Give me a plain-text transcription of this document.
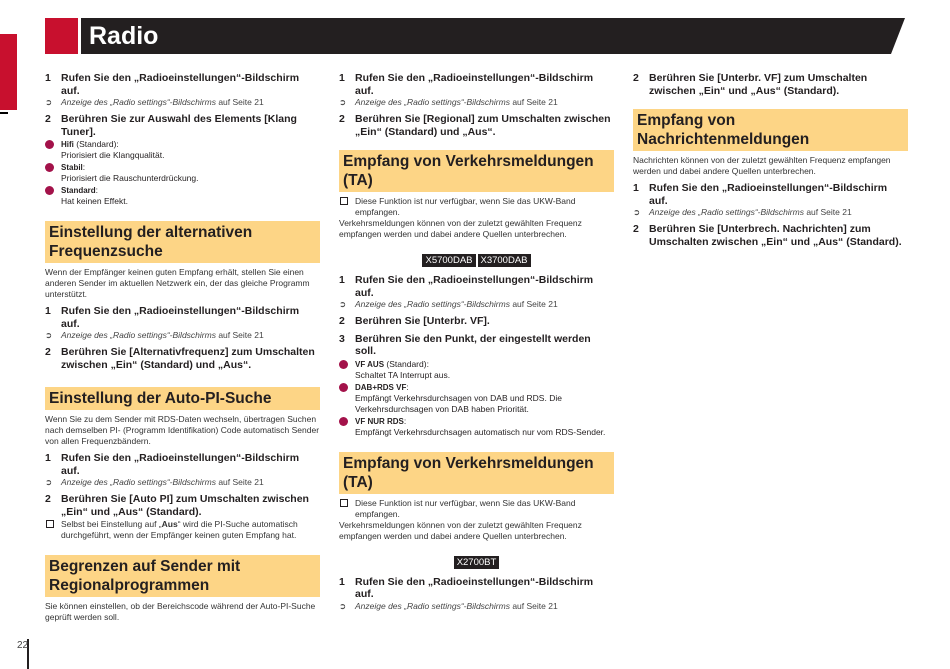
Radio
1 Rufen Sie den „Radioeinstellungen“-Bildschirm auf.
➲ Anzeige des „Radio settings“-Bildschirms auf Seite 21
2 Berühren Sie zur Auswahl des Elements [Klang Tuner].
Hifi (Standard):
Priorisiert die Klangqualität.
Stabil:
Priorisiert die Rauschunterdrückung.
Standard:
Hat keinen Effekt.
Einstellung der alternativen Frequenzsuche
Wenn der Empfänger keinen guten Empfang erhält, stellen Sie einen anderen Sender im aktuellen Netzwerk ein, der das gleiche Programm unterstützt.
1 Rufen Sie den „Radioeinstellungen“-Bildschirm auf.
➲ Anzeige des „Radio settings“-Bildschirms auf Seite 21
2 Berühren Sie [Alternativfrequenz] zum Umschalten zwischen „Ein“ (Standard) und „Aus“.
Einstellung der Auto-PI-Suche
Wenn Sie zu dem Sender mit RDS-Daten wechseln, übertragen Suchen nach demselben PI- (Programm Identifikation) Code automatisch Sender von allen Frequenzbändern.
1 Rufen Sie den „Radioeinstellungen“-Bildschirm auf.
➲ Anzeige des „Radio settings“-Bildschirms auf Seite 21
2 Berühren Sie [Auto PI] zum Umschalten zwischen „Ein“ und „Aus“ (Standard).
Selbst bei Einstellung auf „Aus“ wird die PI-Suche automatisch durchgeführt, wenn der Empfänger keinen guten Empfang hat.
Begrenzen auf Sender mit Regionalprogrammen
Sie können einstellen, ob der Bereichscode während der Auto-PI-Suche geprüft werden soll.
1 Rufen Sie den „Radioeinstellungen“-Bildschirm auf.
➲ Anzeige des „Radio settings“-Bildschirms auf Seite 21
2 Berühren Sie [Regional] zum Umschalten zwischen „Ein“ (Standard) und „Aus“.
Empfang von Verkehrsmeldungen (TA)
Diese Funktion ist nur verfügbar, wenn Sie das UKW-Band empfangen.
Verkehrsmeldungen können von der zuletzt gewählten Frequenz empfangen werden und dabei andere Quellen unterbrechen.
X5700DAB X3700DAB
1 Rufen Sie den „Radioeinstellungen“-Bildschirm auf.
➲ Anzeige des „Radio settings“-Bildschirms auf Seite 21
2 Berühren Sie [Unterbr. VF].
3 Berühren Sie den Punkt, der eingestellt werden soll.
VF AUS (Standard):
Schaltet TA Interrupt aus.
DAB+RDS VF:
Empfängt Verkehrsdurchsagen von DAB und RDS. Die Verkehrsdurchsagen von DAB haben Priorität.
VF NUR RDS:
Empfängt Verkehrsdurchsagen automatisch nur vom RDS-Sender.
Empfang von Verkehrsmeldungen (TA)
Diese Funktion ist nur verfügbar, wenn Sie das UKW-Band empfangen.
Verkehrsmeldungen können von der zuletzt gewählten Frequenz empfangen werden und dabei andere Quellen unterbrechen.
X2700BT
1 Rufen Sie den „Radioeinstellungen“-Bildschirm auf.
➲ Anzeige des „Radio settings“-Bildschirms auf Seite 21
2 Berühren Sie [Unterbr. VF] zum Umschalten zwischen „Ein“ und „Aus“ (Standard).
Empfang von Nachrichtenmeldungen
Nachrichten können von der zuletzt gewählten Frequenz empfangen werden und dabei andere Quellen unterbrechen.
1 Rufen Sie den „Radioeinstellungen“-Bildschirm auf.
➲ Anzeige des „Radio settings“-Bildschirms auf Seite 21
2 Berühren Sie [Unterbrech. Nachrichten] zum Umschalten zwischen „Ein“ und „Aus“ (Standard).
22
